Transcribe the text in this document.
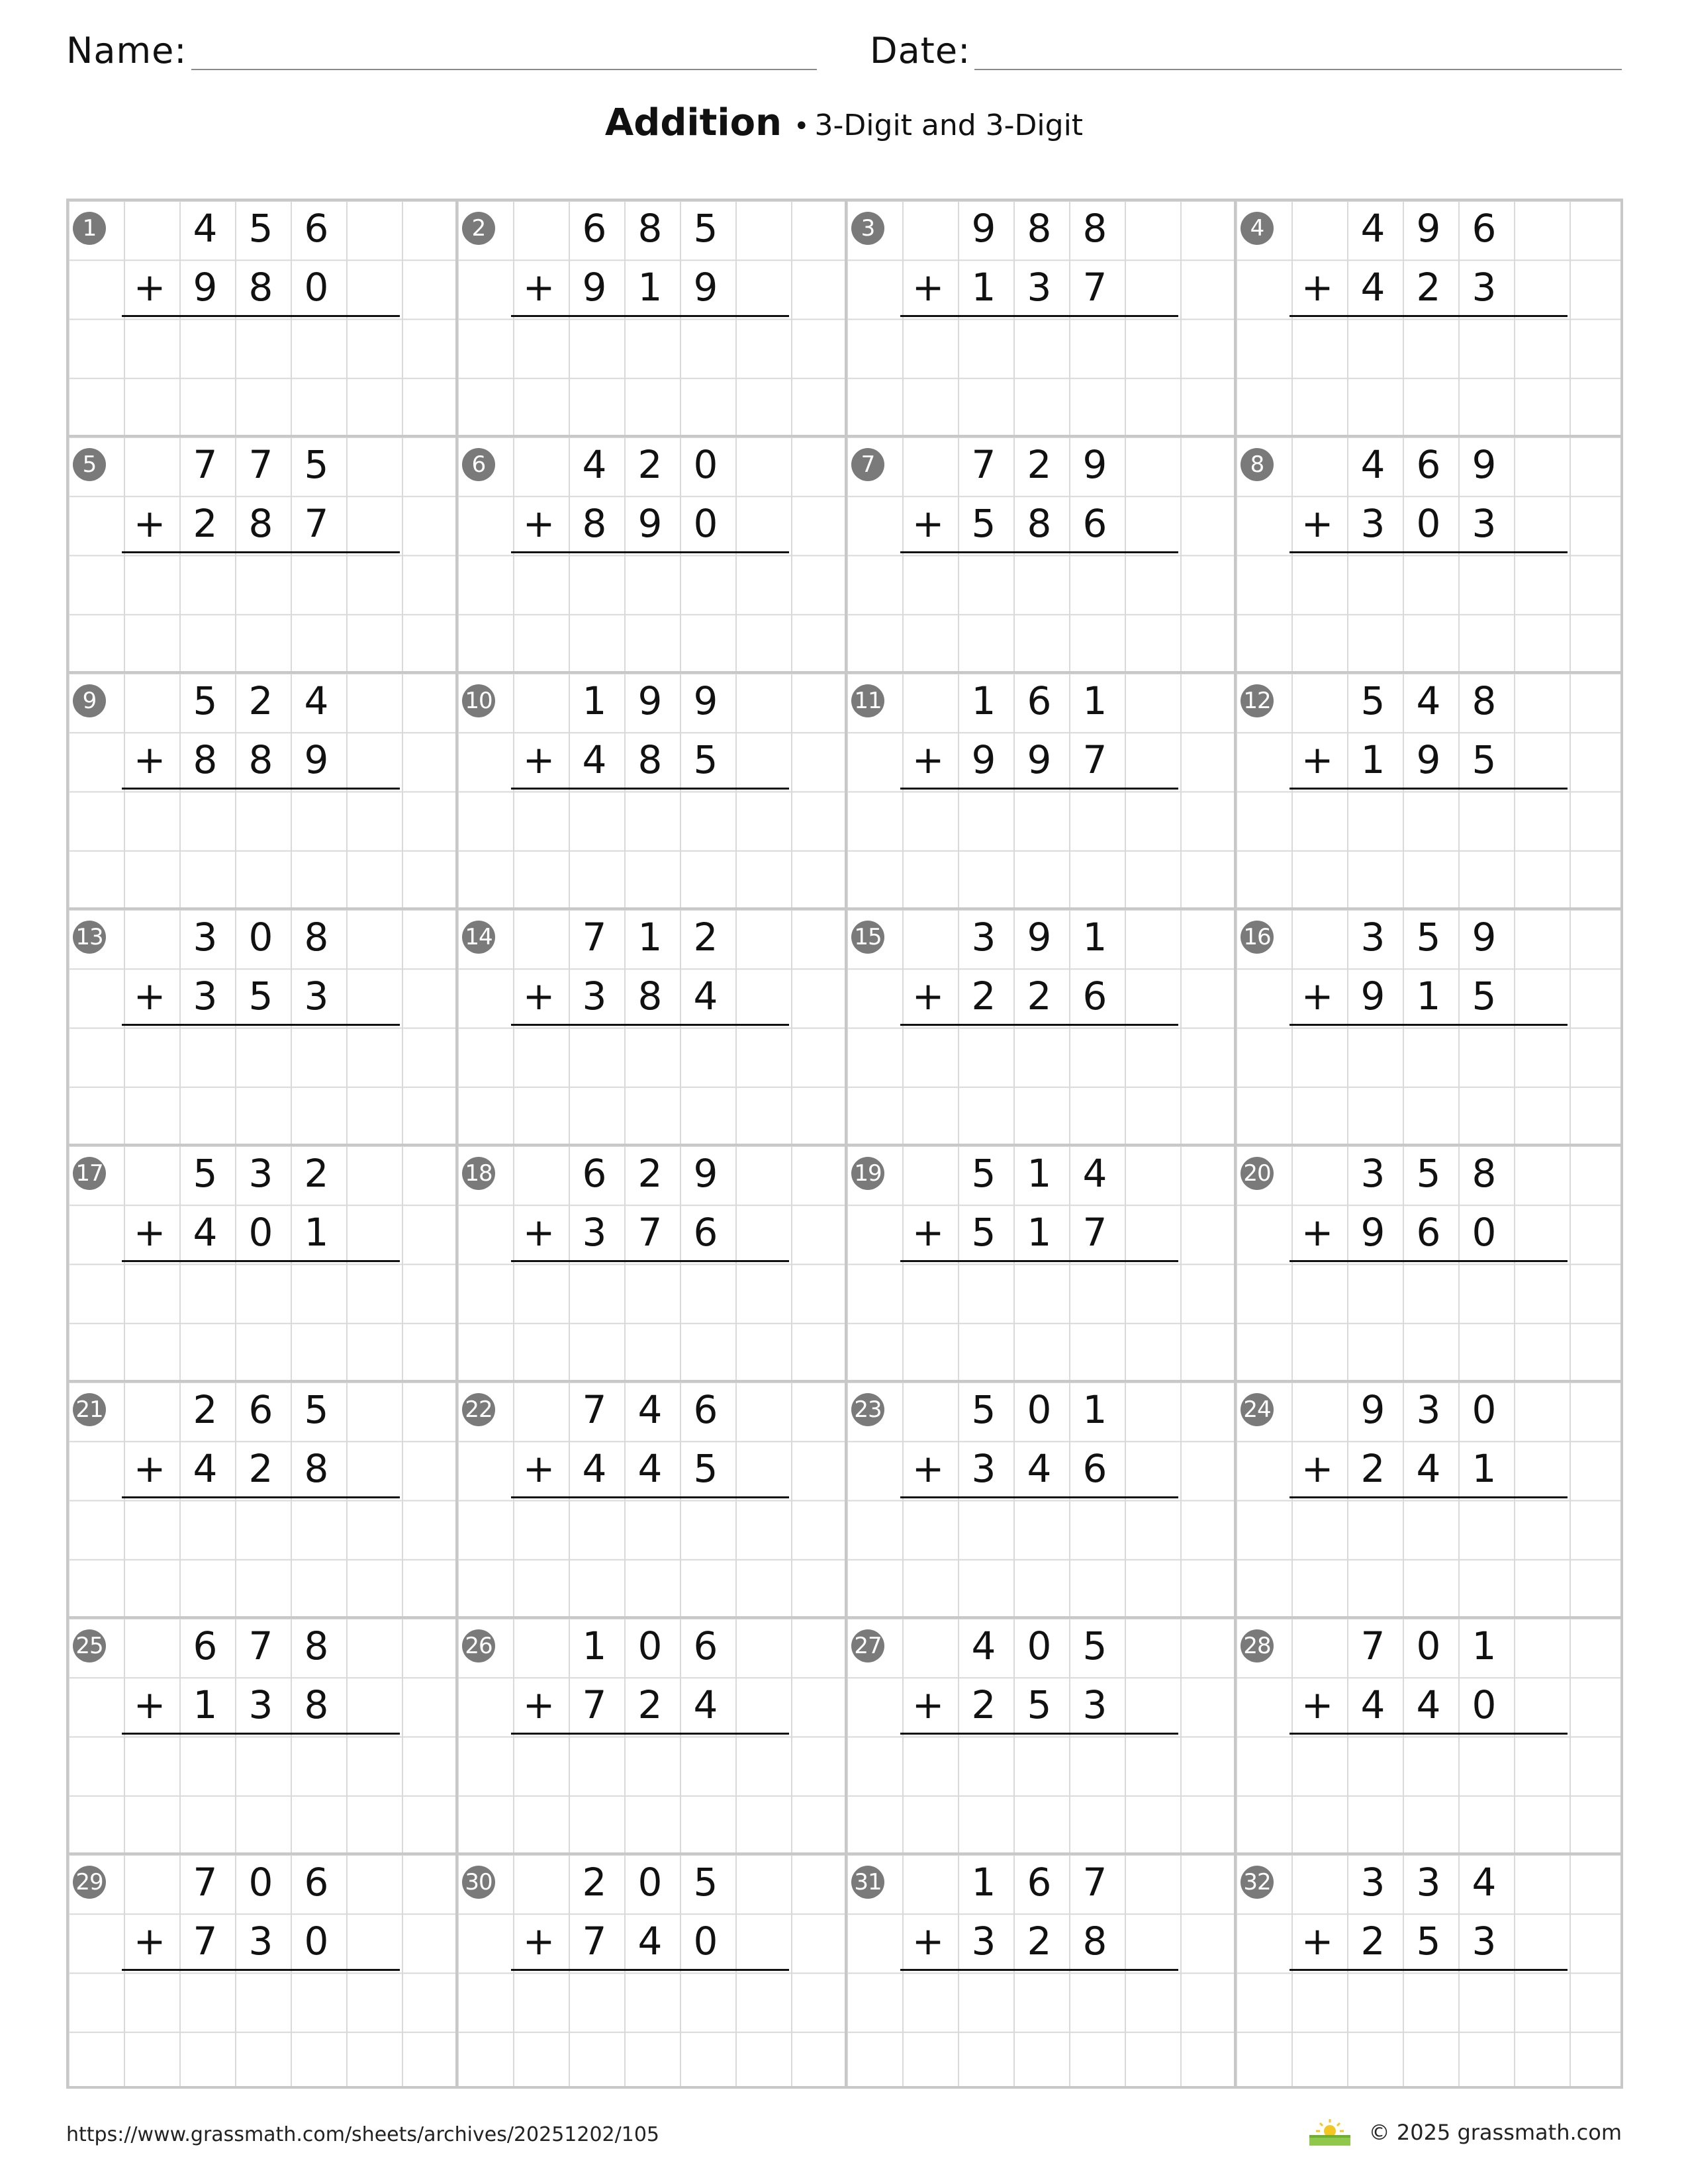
Name:	Date:
Addition • 3-Digit and 3-Digit
1	4 5 6
9 8 0
+
2	6 8 5
9 1 9
+
3	9 8 8
1 3 7
+
4	4 9 6
4 2 3
+
5	7 7 5
2 8 7
+
6	4 2 0
8 9 0
+
7	7 2 9
5 8 6
+
8	4 6 9
3 0 3
+
9	5 2 4
8 8 9
+
10	1 9 9
4 8 5
+
11	1 6 1
9 9 7
+
12	5 4 8
1 9 5
+
13	3 0 8
3 5 3
+
14	7 1 2
3 8 4
+
15	3 9 1
2 2 6
+
16	3 5 9
9 1 5
+
17	5 3 2
4 0 1
+
18	6 2 9
3 7 6
+
19	5 1 4
5 1 7
+
20	3 5 8
9 6 0
+
21	2 6 5
4 2 8
+
22	7 4 6
4 4 5
+
23	5 0 1
3 4 6
+
24	9 3 0
2 4 1
+
25	6 7 8
1 3 8
+
26	1 0 6
7 2 4
+
27	4 0 5
2 5 3
+
28	7 0 1
4 4 0
+
29	7 0 6
7 3 0
+
30	2 0 5
7 4 0
+
31	1 6 7
3 2 8
+
32	3 3 4
2 5 3
+
https://www.grassmath.com/sheets/archives/20251202/105	© 2025 grassmath.com
